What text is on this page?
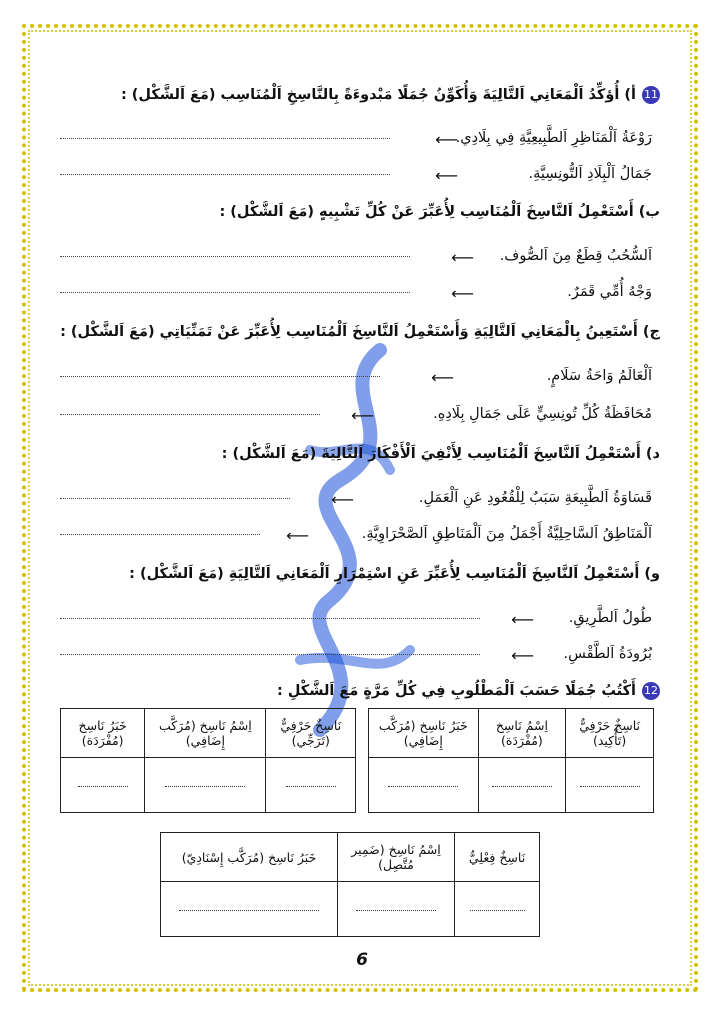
11أ) أُؤكِّدُ اَلْمَعَانِي اَلتَّالِيَةَ وَأُكَوِّنُ جُمَلًا مَبْدوءَةً بِالنَّاسِخِ اَلْمُنَاسِب (مَعَ اَلشَّكْل) :
رَوْعَةُ اَلْمَنَاظِرِ اَلطَّبِيعِيَّةِ فِي بِلَادِي.
⟵
جَمَالُ اَلْبِلَادِ اَلتُّونِسِيَّةِ.
⟵
ب) أَسْتَعْمِلُ اَلنَّاسِخَ اَلْمُنَاسِب لِأُعَبِّرَ عَنْ كُلِّ تَشْبِيهٍ (مَعَ اَلشَّكْل) :
اَلسُّحُبُ قِطَعٌ مِنَ اَلصُّوف.
⟵
وَجْهُ أُمِّي قَمَرٌ.
⟵
ج) أَسْتَعِينُ بِالْمَعَانِي اَلتَّالِيَةِ وَأَسْتَعْمِلُ اَلنَّاسِخَ اَلْمُنَاسِب لِأُعَبِّرَ عَنْ تَمَنِّيَاتِي (مَعَ اَلشَّكْل) :
اَلْعَالَمُ وَاحَةُ سَلَامٍ.
⟵
مُحَافَظَةُ كُلِّ تُونِسِيٍّ عَلَى جَمَالِ بِلَادِهِ.
⟵
د) أَسْتَعْمِلُ اَلنَّاسِخَ اَلْمُنَاسِب لِأَنْفِيَ اَلْأَفْكَارَ اَلتَّالِيَةَ (مَعَ اَلشَّكْل) :
قَسَاوَةُ اَلطَّبِيعَةِ سَبَبٌ لِلْقُعُودِ عَنِ اَلْعَمَلِ.
⟵
اَلْمَنَاطِقُ اَلسَّاحِلِيَّةُ أَجْمَلُ مِنَ اَلْمَنَاطِقِ اَلصَّحْرَاوِيَّةِ.
⟵
و) أَسْتَعْمِلُ اَلنَّاسِخَ اَلْمُنَاسِب لِأُعَبِّرَ عَنِ اسْتِمْرَارِ اَلْمَعَانِي اَلتَّالِيَةِ (مَعَ اَلشَّكْل) :
طُولُ اَلطَّرِيقِ.
⟵
بُرُودَةُ اَلطَّقْسِ.
⟵
12أَكْتُبُ جُمَلًا حَسَبَ اَلْمَطْلُوبِ فِي كُلِّ مَرَّةٍ مَعَ اَلشَّكْلِ :
نَاسِخٌ حَرْفِيٌّ (تَأْكِيد)	اِسْمُ نَاسِخ (مُفْرَدَة)	خَبَرُ نَاسِخ (مُرَكَّب إِضَافِي)

نَاسِخٌ حَرْفِيٌّ (تَرَجِّي)	اِسْمُ نَاسِخ (مُرَكَّب إِضَافِي)	خَبَرُ نَاسِخ (مُفْرَدَة)

نَاسِخٌ فِعْلِيٌّ	اِسْمُ نَاسِخ (ضَمِير مُتَّصِل)	خَبَرُ نَاسِخ (مُرَكَّب إِسْنَادِيّ)

6
